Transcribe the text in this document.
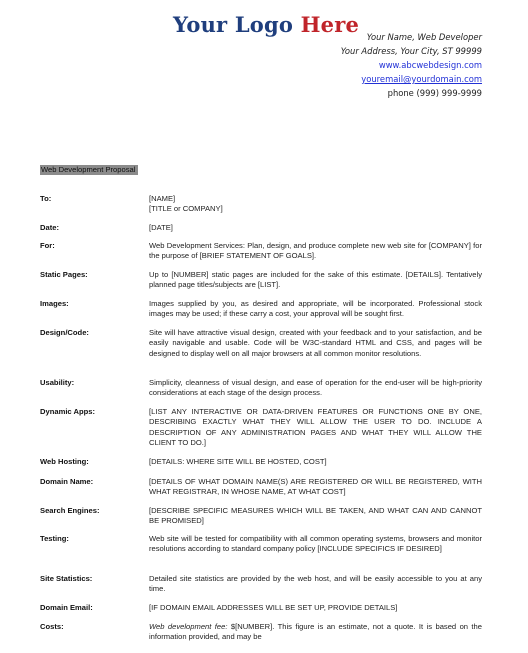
Your Logo Here Your Name, Web Developer
Your Address, Your City, ST 99999
www.abcwebdesign.com
youremail@yourdomain.com
phone (999) 999-9999
Web Development Proposal
To:	[NAME]
[TITLE or COMPANY]
Date:	[DATE]
For:	Web Development Services: Plan, design, and produce complete new web site for [COMPANY] for the purpose of [BRIEF STATEMENT OF GOALS].
Static Pages:	Up to [NUMBER] static pages are included for the sake of this estimate. [DETAILS]. Tentatively planned page titles/subjects are [LIST].
Images:	Images supplied by you, as desired and appropriate, will be incorporated. Professional stock images may be used; if these carry a cost, your approval will be sought first.
Design/Code:	Site will have attractive visual design, created with your feedback and to your satisfaction, and be easily navigable and usable. Code will be W3C-standard HTML and CSS, and pages will be designed to display well on all major browsers at all common monitor resolutions.
Usability:	Simplicity, cleanness of visual design, and ease of operation for the end-user will be high-priority considerations at each stage of the design process.
Dynamic Apps:	[LIST ANY INTERACTIVE OR DATA-DRIVEN FEATURES OR FUNCTIONS ONE BY ONE, DESCRIBING EXACTLY WHAT THEY WILL ALLOW THE USER TO DO. INCLUDE A DESCRIPTION OF ANY ADMINISTRATION PAGES AND WHAT THEY WILL ALLOW THE CLIENT TO DO.]
Web Hosting:	[DETAILS: WHERE SITE WILL BE HOSTED, COST]
Domain Name:	[DETAILS OF WHAT DOMAIN NAME(S) ARE REGISTERED OR WILL BE REGISTERED, WITH WHAT REGISTRAR, IN WHOSE NAME, AT WHAT COST]
Search Engines:	[DESCRIBE SPECIFIC MEASURES WHICH WILL BE TAKEN, AND WHAT CAN AND CANNOT BE PROMISED]
Testing:	Web site will be tested for compatibility with all common operating systems, browsers and monitor resolutions according to standard company policy [INCLUDE SPECIFICS IF DESIRED]
Site Statistics:	Detailed site statistics are provided by the web host, and will be easily accessible to you at any time.
Domain Email:	[IF DOMAIN EMAIL ADDRESSES WILL BE SET UP, PROVIDE DETAILS]
Costs:	Web development fee: $[NUMBER]. This figure is an estimate, not a quote. It is based on the information provided, and may be
